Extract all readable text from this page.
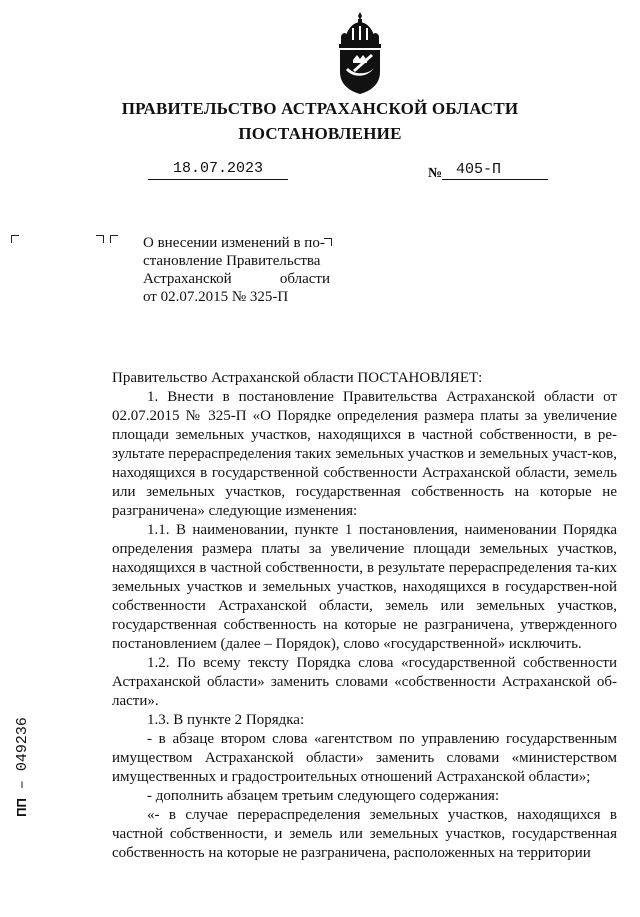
ПРАВИТЕЛЬСТВО АСТРАХАНСКОЙ ОБЛАСТИ
ПОСТАНОВЛЕНИЕ
18.07.2023	№ 405-П
О внесении изменений в по-
становление Правительства
Астраханской	области
от 02.07.2015 № 325-П

Правительство Астраханской области ПОСТАНОВЛЯЕТ:

1. Внести в постановление Правительства Астраханской области от 02.07.2015 № 325-П «О Порядке определения размера платы за увеличение площади земельных участков, находящихся в частной собственности, в ре-зультате перераспределения таких земельных участков и земельных участ-ков, находящихся в государственной собственности Астраханской области, земель или земельных участков, государственная собственность на которые не разграничена» следующие изменения:

1.1. В наименовании, пункте 1 постановления, наименовании Порядка определения размера платы за увеличение площади земельных участков, находящихся в частной собственности, в результате перераспределения та-ких земельных участков и земельных участков, находящихся в государствен-ной собственности Астраханской области, земель или земельных участков, государственная собственность на которые не разграничена, утвержденного постановлением (далее – Порядок), слово «государственной» исключить.

1.2. По всему тексту Порядка слова «государственной собственности Астраханской области» заменить словами «собственности Астраханской об-ласти».

1.3. В пункте 2 Порядка:

- в абзаце втором слова «агентством по управлению государственным имуществом Астраханской области» заменить словами «министерством имущественных и градостроительных отношений Астраханской области»;

- дополнить абзацем третьим следующего содержания:

«- в случае перераспределения земельных участков, находящихся в частной собственности, и земель или земельных участков, государственная собственность на которые не разграничена, расположенных на территории

ПП – 049236
